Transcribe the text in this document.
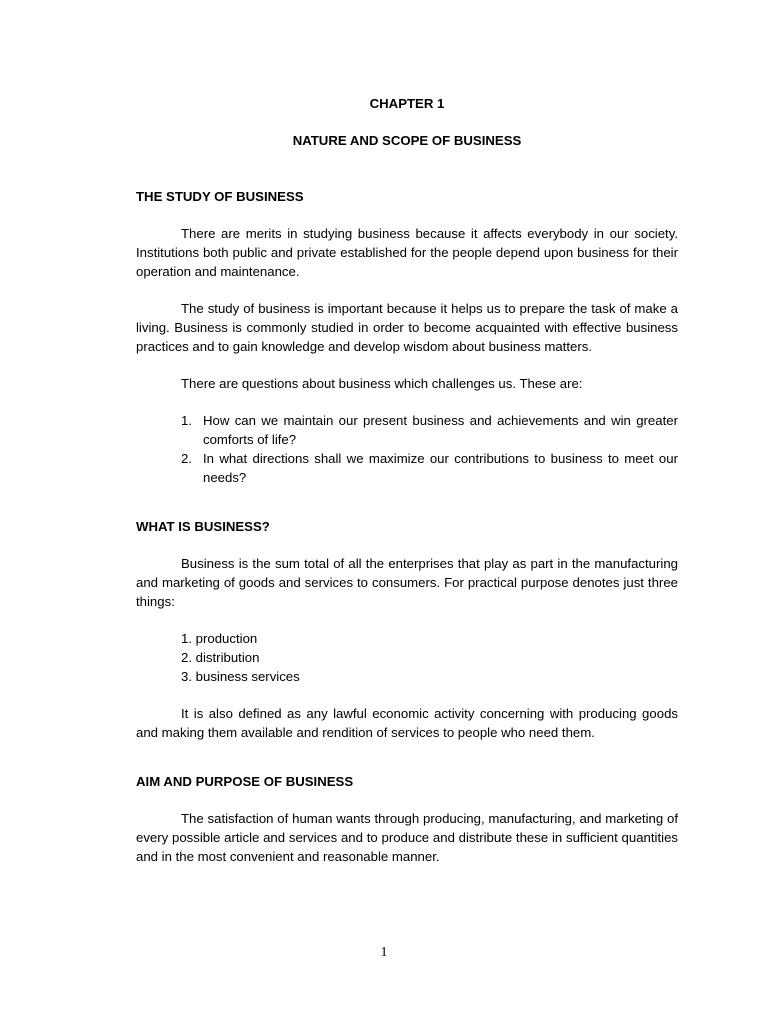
CHAPTER 1
NATURE AND SCOPE OF BUSINESS
THE STUDY OF BUSINESS

There are merits in studying business because it affects everybody in our society. Institutions both public and private established for the people depend upon business for their operation and maintenance.

The study of business is important because it helps us to prepare the task of make a living. Business is commonly studied in order to become acquainted with effective business practices and to gain knowledge and develop wisdom about business matters.

There are questions about business which challenges us. These are:

1. How can we maintain our present business and achievements and win greater comforts of life?
2. In what directions shall we maximize our contributions to business to meet our needs?
WHAT IS BUSINESS?

Business is the sum total of all the enterprises that play as part in the manufacturing and marketing of goods and services to consumers. For practical purpose denotes just three things:

1. production
2. distribution
3. business services

It is also defined as any lawful economic activity concerning with producing goods and making them available and rendition of services to people who need them.

AIM AND PURPOSE OF BUSINESS

The satisfaction of human wants through producing, manufacturing, and marketing of every possible article and services and to produce and distribute these in sufficient quantities and in the most convenient and reasonable manner.

1
